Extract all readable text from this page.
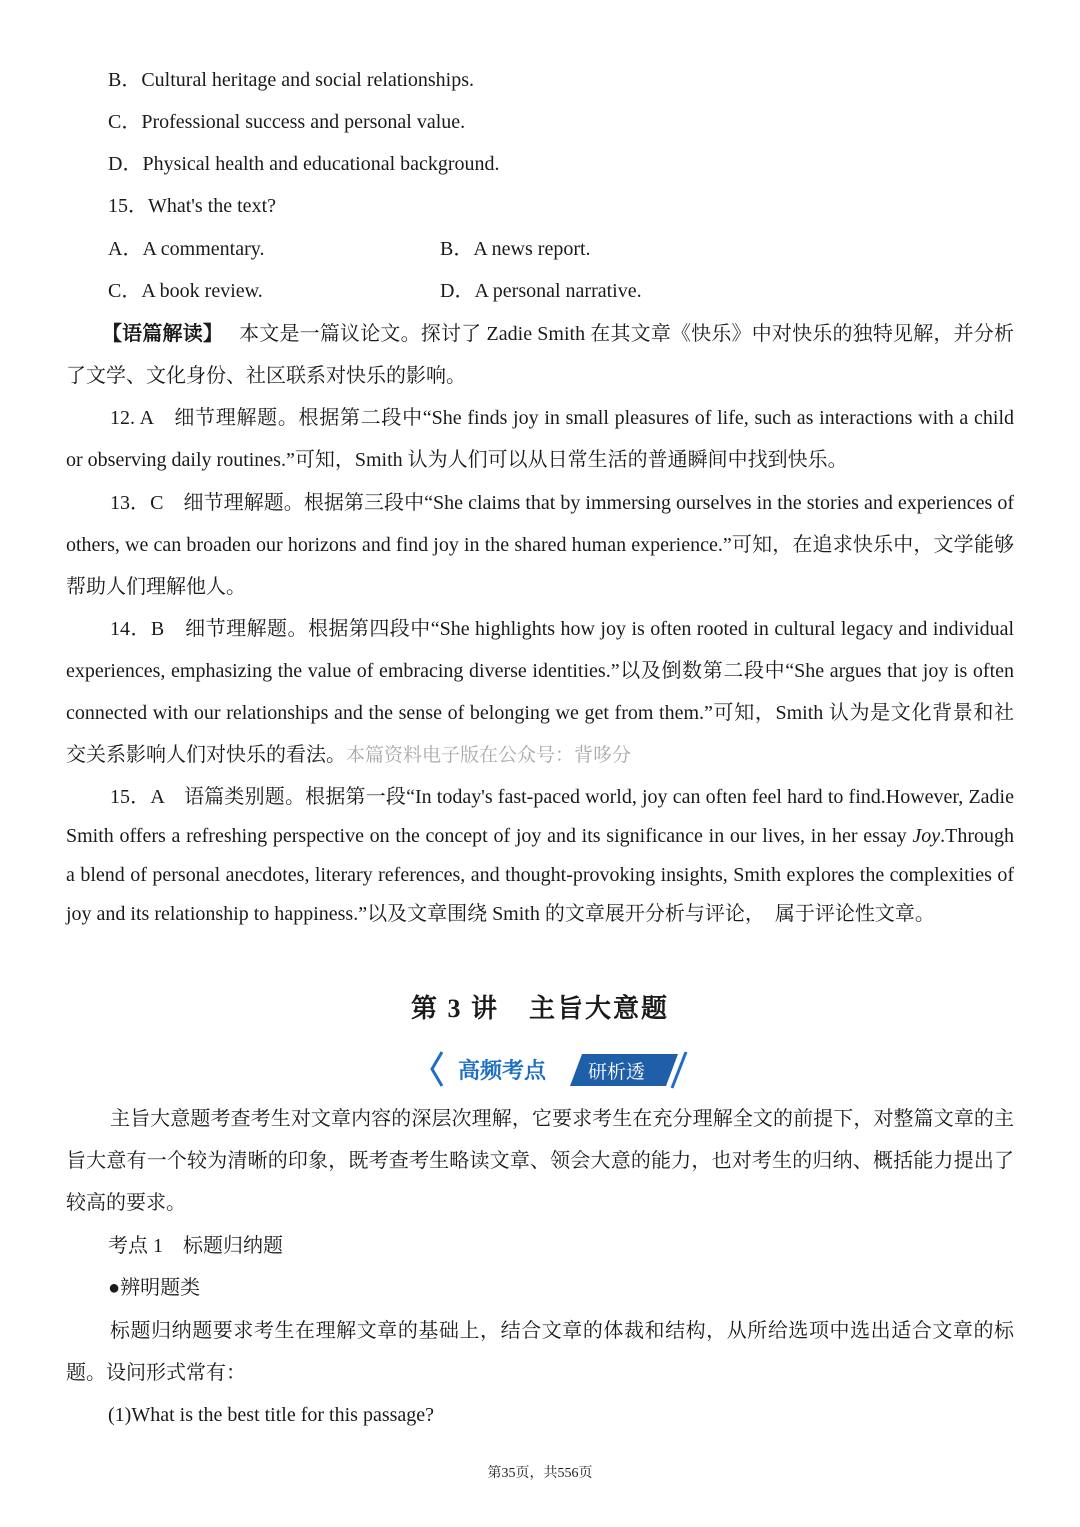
B．Cultural heritage and social relationships.
C．Professional success and personal value.
D．Physical health and educational background.
15．What's the text?
A．A commentary.	B．A news report.
C．A book review.	D．A personal narrative.
【语篇解读】 本文是一篇议论文。探讨了 Zadie Smith 在其文章《快乐》中对快乐的独特见解，并分析了文学、文化身份、社区联系对快乐的影响。
12. A　细节理解题。根据第二段中“She finds joy in small pleasures of life, such as interactions with a child or observing daily routines.”可知，Smith 认为人们可以从日常生活的普通瞬间中找到快乐。
13．C　细节理解题。根据第三段中“She claims that by immersing ourselves in the stories and experiences of others, we can broaden our horizons and find joy in the shared human experience.”可知，在追求快乐中，文学能够帮助人们理解他人。
14．B　细节理解题。根据第四段中“She highlights how joy is often rooted in cultural legacy and individual experiences, emphasizing the value of embracing diverse identities.”以及倒数第二段中“She argues that joy is often connected with our relationships and the sense of belonging we get from them.”可知，Smith 认为是文化背景和社交关系影响人们对快乐的看法。本篇资料电子版在公众号：背哆分
15．A　语篇类别题。根据第一段“In today's fast-paced world, joy can often feel hard to find.However, Zadie Smith offers a refreshing perspective on the concept of joy and its significance in our lives, in her essay Joy.Through a blend of personal anecdotes, literary references, and thought-provoking insights, Smith explores the complexities of joy and its relationship to happiness.”以及文章围绕 Smith 的文章展开分析与评论，　属于评论性文章。
第 3 讲 主旨大意题
高频考点 研析透
主旨大意题考查考生对文章内容的深层次理解，它要求考生在充分理解全文的前提下，对整篇文章的主旨大意有一个较为清晰的印象，既考查考生略读文章、领会大意的能力，也对考生的归纳、概括能力提出了较高的要求。
考点 1　标题归纳题
●辨明题类
标题归纳题要求考生在理解文章的基础上，结合文章的体裁和结构，从所给选项中选出适合文章的标题。设问形式常有：
(1)What is the best title for this passage?
第35页，共556页
